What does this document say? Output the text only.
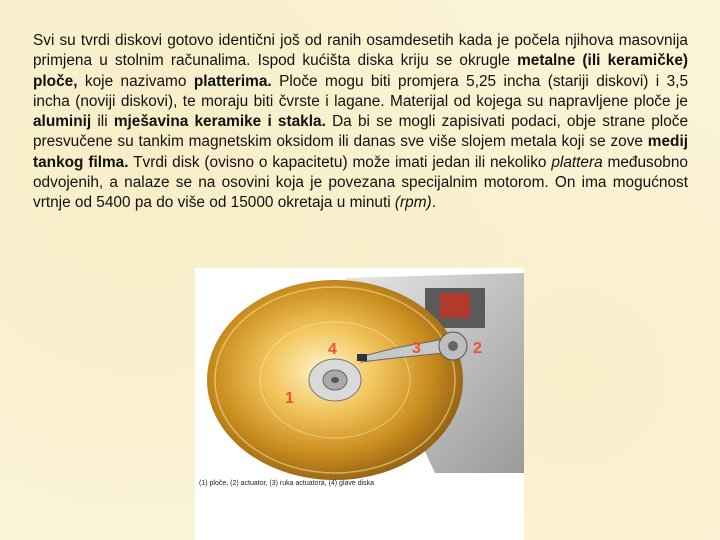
Svi su tvrdi diskovi gotovo identični još od ranih osamdesetih kada je počela njihova masovnija primjena u stolnim računalima. Ispod kućišta diska kriju se okrugle metalne (ili keramičke) ploče, koje nazivamo platterima. Ploče mogu biti promjera 5,25 incha (stariji diskovi) i 3,5 incha (noviji diskovi), te moraju biti čvrste i lagane. Materijal od kojega su napravljene ploče je aluminij ili mješavina keramike i stakla. Da bi se mogli zapisivati podaci, obje strane ploče presvučene su tankim magnetskim oksidom ili danas sve više slojem metala koji se zove medij tankog filma. Tvrdi disk (ovisno o kapacitetu) može imati jedan ili nekoliko plattera međusobno odvojenih, a nalaze se na osovini koja je povezana specijalnim motorom. On ima mogućnost vrtnje od 5400 pa do više od 15000 okretaja u minuti (rpm).

1
2
3
4
(1) ploče, (2) actuator, (3) ruka actuatora, (4) glave diska
